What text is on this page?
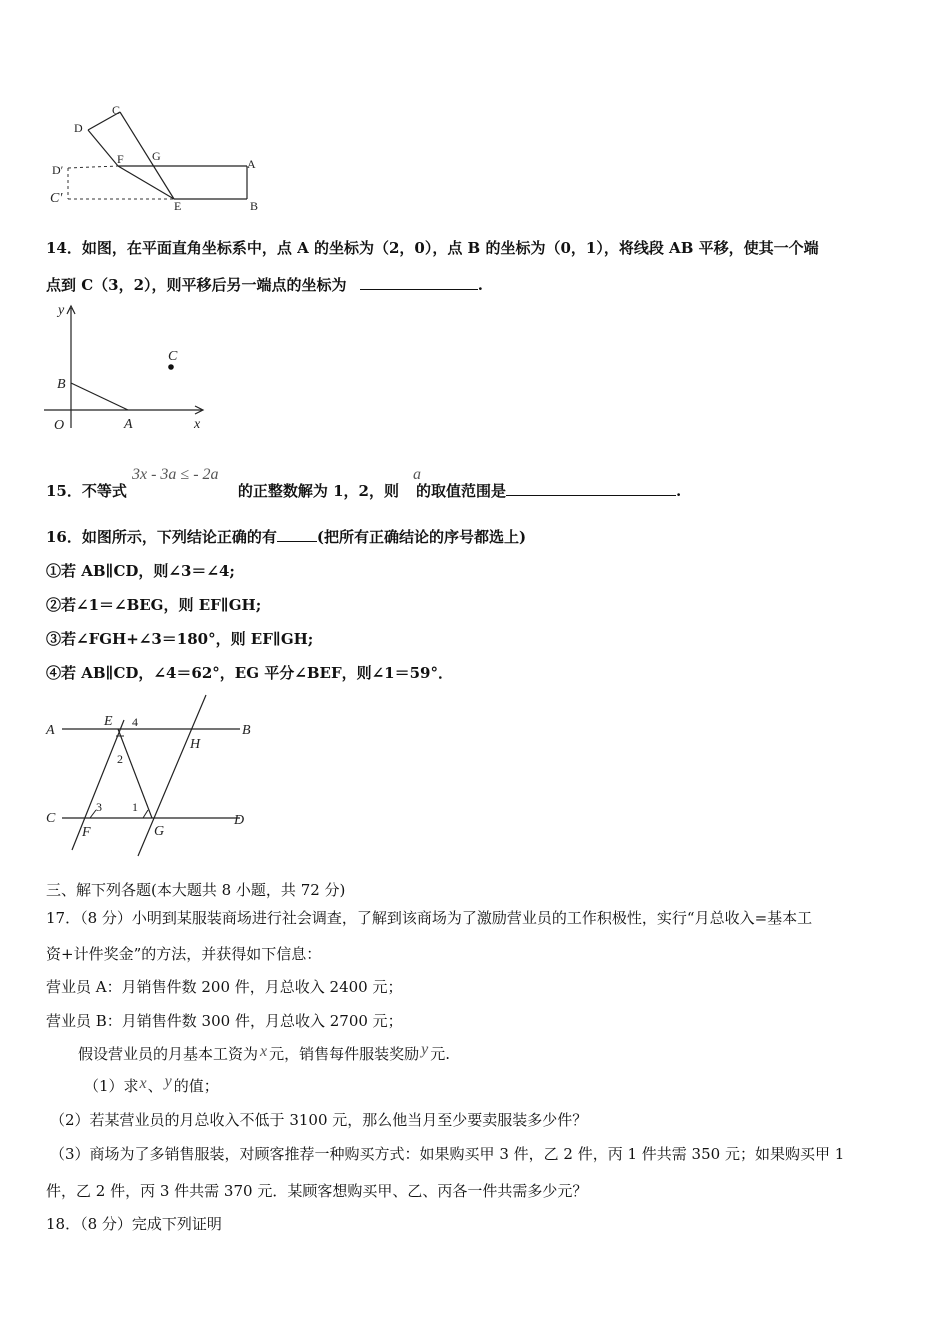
C
D
F G
A
D′
C′	E	B
14．如图，在平面直角坐标系中，点 A 的坐标为（2，0），点 B 的坐标为（0，1），将线段 AB 平移，使其一个端
点到 C（3，2），则平移后另一端点的坐标为	.
y
C
B
O	A	x
3x - 3a ≤ - 2a	a
15．不等式	的正整数解为 1，2，则 的取值范围是	.
16．如图所示，下列结论正确的有	(把所有正确结论的序号都选上)
①若 AB∥CD，则∠3＝∠4;
②若∠1＝∠BEG，则 EF∥GH;
③若∠FGH+∠3＝180°，则 EF∥GH;
④若 AB∥CD，∠4＝62°，EG 平分∠BEF，则∠1＝59°．
A
E 4
B
H
2
C
3	1
F	G
D
三、解下列各题(本大题共 8 小题，共 72 分)
17．（8 分）小明到某服装商场进行社会调查，了解到该商场为了激励营业员的工作积极性，实行“月总收入=基本工
资+计件奖金”的方法，并获得如下信息：
营业员 A：月销售件数 200 件，月总收入 2400 元；
营业员 B：月销售件数 300 件，月总收入 2700 元；
假设营业员的月基本工资为 x 元，销售每件服装奖励 y 元.
（1）求x、 y 的值；
（2）若某营业员的月总收入不低于 3100 元，那么他当月至少要卖服装多少件？
（3）商场为了多销售服装，对顾客推荐一种购买方式：如果购买甲 3 件，乙 2 件，丙 1 件共需 350 元；如果购买甲 1
件，乙 2 件，丙 3 件共需 370 元．某顾客想购买甲、乙、丙各一件共需多少元？
18．（8 分）完成下列证明
